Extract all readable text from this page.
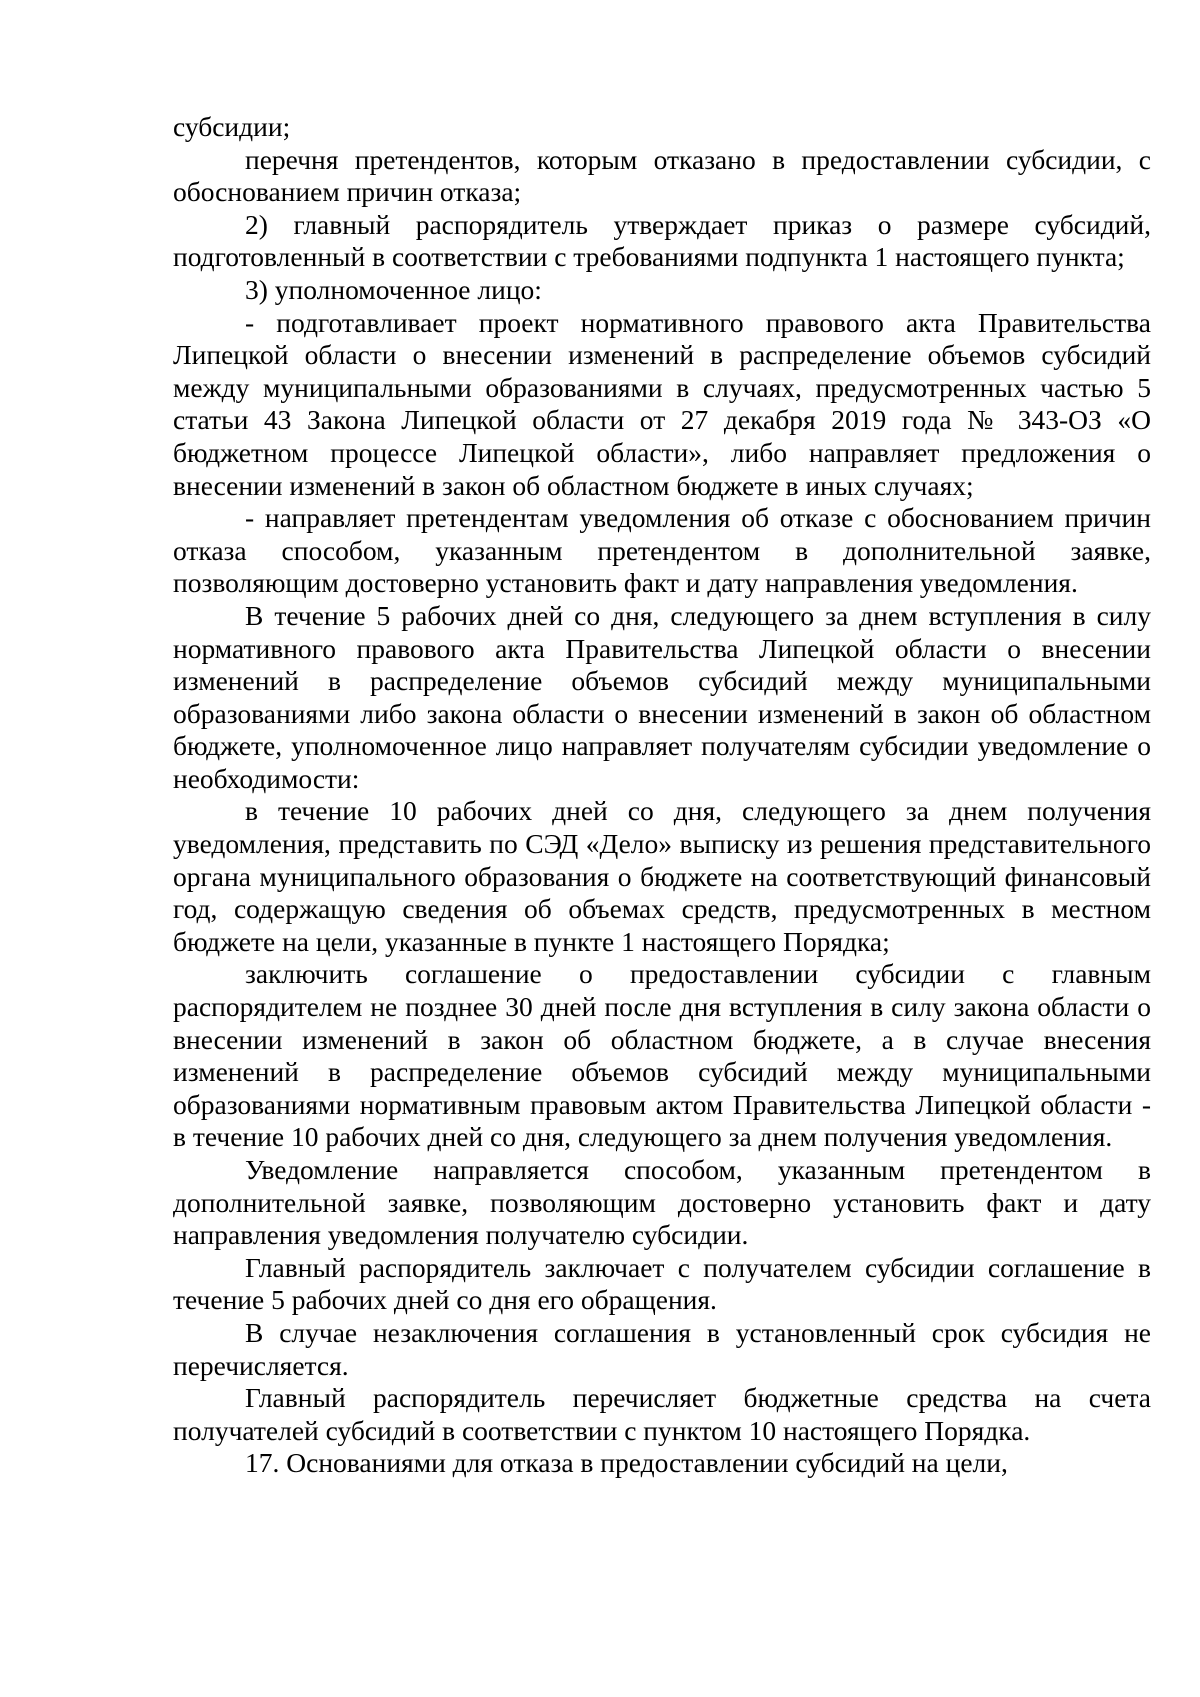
субсидии;

перечня претендентов, которым отказано в предоставлении субсидии, с обоснованием причин отказа;

2) главный распорядитель утверждает приказ о размере субсидий, подготовленный в соответствии с требованиями подпункта 1 настоящего пункта;

3) уполномоченное лицо:

- подготавливает проект нормативного правового акта Правительства Липецкой области о внесении изменений в распределение объемов субсидий между муниципальными образованиями в случаях, предусмотренных частью 5 статьи 43 Закона Липецкой области от 27 декабря 2019 года № 343-ОЗ «О бюджетном процессе Липецкой области», либо направляет предложения о внесении изменений в закон об областном бюджете в иных случаях;

- направляет претендентам уведомления об отказе с обоснованием причин отказа способом, указанным претендентом в дополнительной заявке, позволяющим достоверно установить факт и дату направления уведомления.

В течение 5 рабочих дней со дня, следующего за днем вступления в силу нормативного правового акта Правительства Липецкой области о внесении изменений в распределение объемов субсидий между муниципальными образованиями либо закона области о внесении изменений в закон об областном бюджете, уполномоченное лицо направляет получателям субсидии уведомление о необходимости:

в течение 10 рабочих дней со дня, следующего за днем получения уведомления, представить по СЭД «Дело» выписку из решения представительного органа муниципального образования о бюджете на соответствующий финансовый год, содержащую сведения об объемах средств, предусмотренных в местном бюджете на цели, указанные в пункте 1 настоящего Порядка;

заключить соглашение о предоставлении субсидии с главным распорядителем не позднее 30 дней после дня вступления в силу закона области о внесении изменений в закон об областном бюджете, а в случае внесения изменений в распределение объемов субсидий между муниципальными образованиями нормативным правовым актом Правительства Липецкой области - в течение 10 рабочих дней со дня, следующего за днем получения уведомления.

Уведомление направляется способом, указанным претендентом в дополнительной заявке, позволяющим достоверно установить факт и дату направления уведомления получателю субсидии.

Главный распорядитель заключает с получателем субсидии соглашение в течение 5 рабочих дней со дня его обращения.

В случае незаключения соглашения в установленный срок субсидия не перечисляется.

Главный распорядитель перечисляет бюджетные средства на счета получателей субсидий в соответствии с пунктом 10 настоящего Порядка.

17. Основаниями для отказа в предоставлении субсидий на цели,
